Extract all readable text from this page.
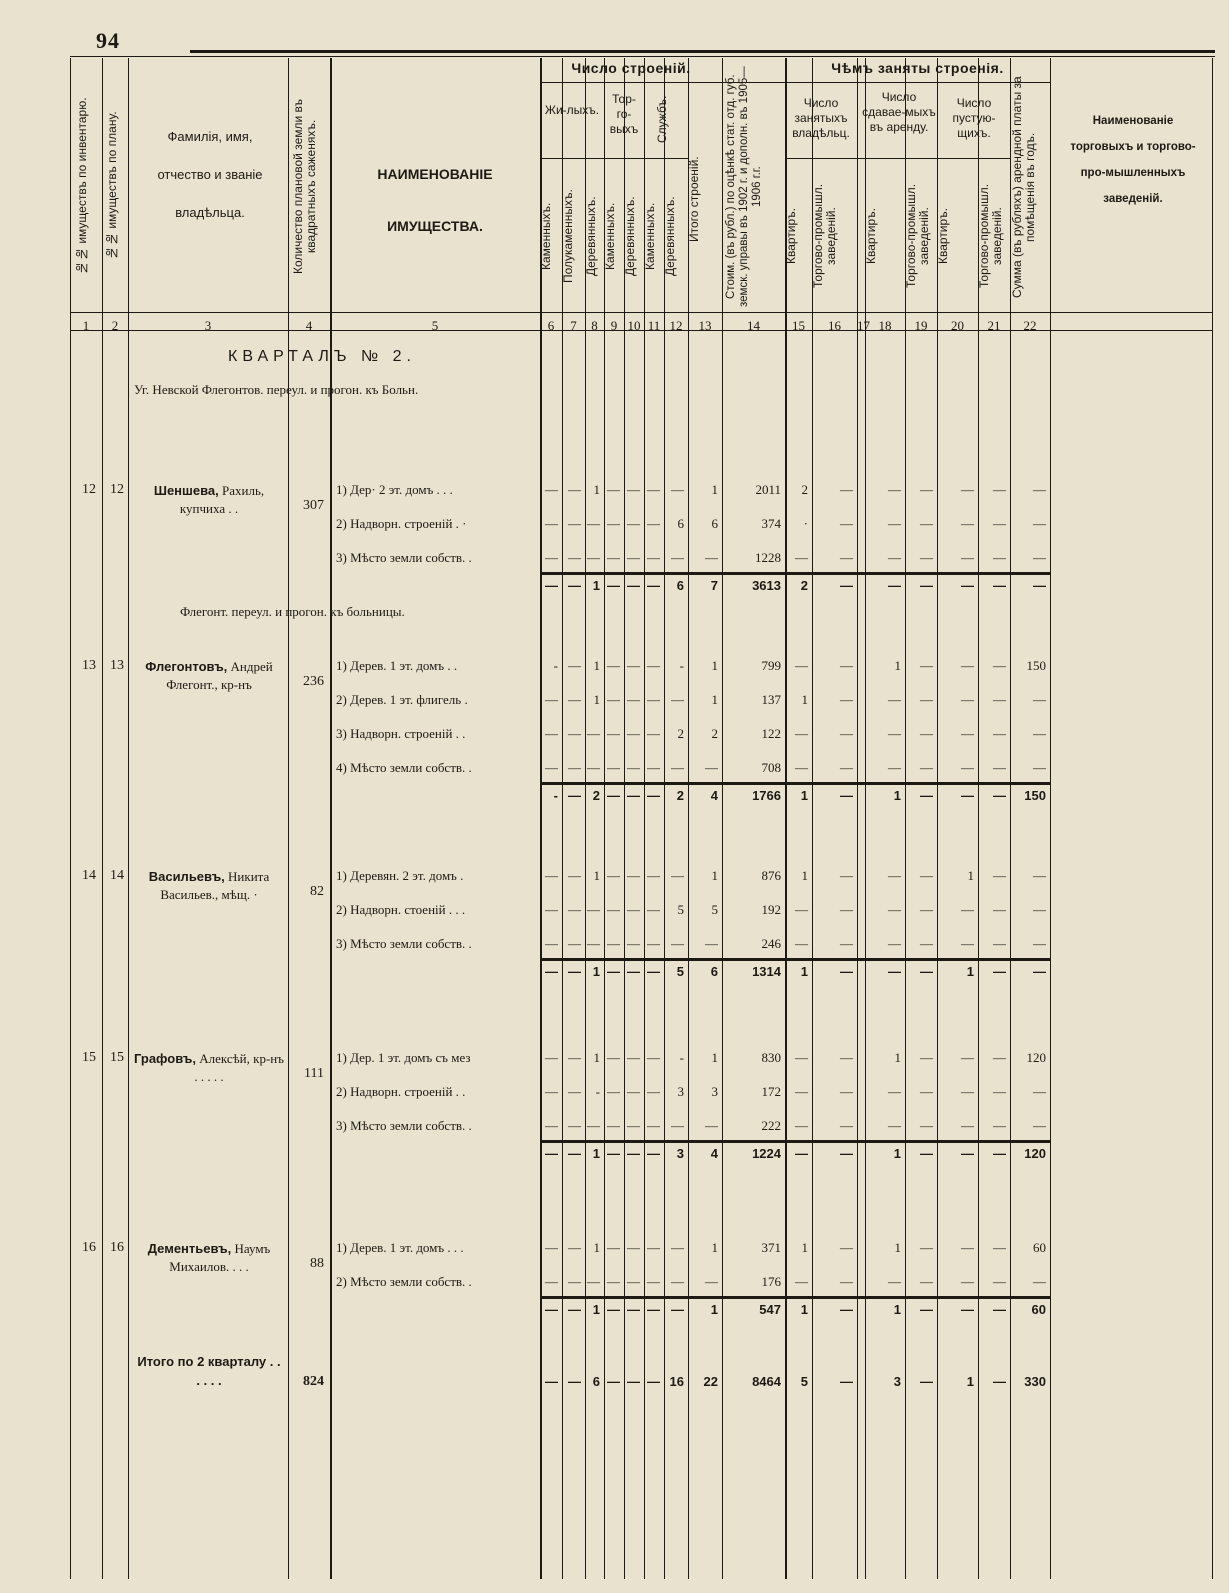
94
Число строеній.	Чѣмъ заняты строенія.
№№ имуществъ по инвентарю.	№№ имуществъ по плану.	Фамилія, имя, отчество и званіе владѣльца.	Количество плановой земли въ квадратныхъ саженяхъ.	НАИМЕНОВАНІЕ ИМУЩЕСТВА.
Жи-лыхъ.
Тор-го-выхъ	Службъ.
Каменныхъ. Полукаменныхъ. Деревянныхъ. Каменныхъ. Деревянныхъ. Каменныхъ. Деревянныхъ.	Квартиръ.	Торгово-промышл. заведеній.	Квартиръ.	Торгово-промышл. заведеній. Квартиръ.	Торгово-промышл. заведеній.
Итого строеній.	Стоим. (въ рубл.) по оцѣнкѣ стат. отд. губ. земск. управы въ 1902 г. и дополн. въ 1905—1906 г.г.
Число занятыхъ владѣльц.
Число сдавае-мыхъ въ аренду.
Число пустую-щихъ.	Сумма (въ рубляхъ) арендной платы за помѣщенія въ годъ.
Наименованіе торговыхъ и торгово-про-мышленныхъ заведеній.
1	2	3	4	5	6	7	8	9 10 11 12	13	14	15	16	17 18	19	20	21	22
КВАРТАЛЪ № 2.
Уг. Невской Флегонтов. переул. и прогон. къ Больн.
Флегонт. переул. и прогон. къ больницы.
12	12	Шеншева, Рахиль, купчиха . .	307
1) Дер· 2 эт. домъ . . .	— — 1 — — — —	1	2011	2	—	—	—	—	—	—
2) Надворн. строеній . ·	— — — — — —	6	6	374	·	—	—	—	—	—	—
3) Мѣсто земли собств. .	— — — — — — —	—	1228	—	—	—	—	—	—	—
— — 1 — — —	6	7	3613	2	—	—	—	—	—	—
13	13	Флегонтовъ, Андрей Флегонт., кр-нъ	236
1) Дерев. 1 эт. домъ . .	- — 1 — — —	-	1	799	—	—	1	—	—	—	150
2) Дерев. 1 эт. флигель .	— — 1 — — — —	1	137	1	—	—	—	—	—	—
3) Надворн. строеній . .	— — — — — —	2	2	122	—	—	—	—	—	—	—
4) Мѣсто земли собств. .	— — — — — — —	—	708	—	—	—	—	—	—	—
- — 2 — — —	2	4	1766	1	—	1	—	—	—	150
14	14	Васильевъ, Никита Васильев., мѣщ. ·	82
1) Деревян. 2 эт. домъ .	— — 1 — — — —	1	876	1	—	—	—	1	—	—
2) Надворн. стоеній . . .	— — — — — —	5	5	192	—	—	—	—	—	—	—
3) Мѣсто земли собств. .	— — — — — — —	—	246	—	—	—	—	—	—	—
— — 1 — — —	5	6	1314	1	—	—	—	1	—	—
15	15 Графовъ, Алексѣй, кр-нъ . . . . .	111
1) Дер. 1 эт. домъ съ мез	— — 1 — — —	-	1	830	—	—	1	—	—	—	120
2) Надворн. строеній . .	— —	- — — —	3	3	172	—	—	—	—	—	—	—
3) Мѣсто земли собств. .	— — — — — — —	—	222	—	—	—	—	—	—	—
— — 1 — — —	3	4	1224	—	—	1	—	—	—	120
16	16	Дементьевъ, Наумъ Михаилов. . . .	88
1) Дерев. 1 эт. домъ . . .	— — 1 — — — —	1	371	1	—	1	—	—	—	60
2) Мѣсто земли собств. .	— — — — — — —	—	176	—	—	—	—	—	—	—
— — 1 — — — —	1	547	1	—	1	—	—	—	60
Итого по 2 кварталу . . . . . .	824	— — 6 — — — 16	22	8464	5	—	3	—	1	—	330
